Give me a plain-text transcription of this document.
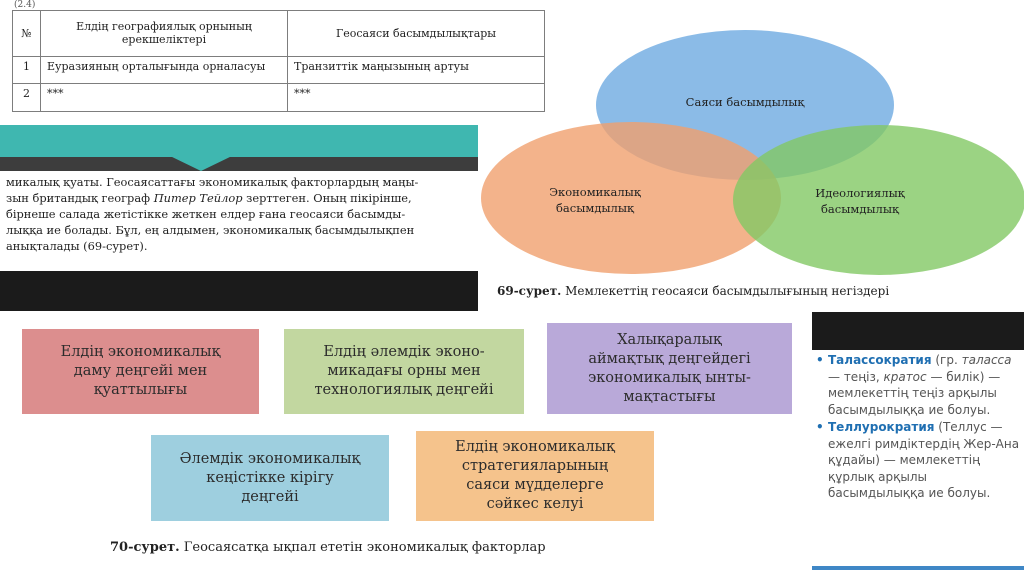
(2.4)
№	Елдің географиялық орнының ерекшеліктері	Геосаяси басымдылықтары
1	Еуразияның орталығында орналасуы	Транзиттік маңызының артуы
2	***	***
микалық қуаты. Геосаясаттағы экономикалық факторлардың маңы-
зын британдық географ Питер Тейлор зерттеген. Оның пікірінше,
бірнеше салада жетістікке жеткен елдер ғана геосаяси басымды-
лыққа ие болады. Бұл, ең алдымен, экономикалық басымдылықпен
анықталады (69-сурет).
Саяси басымдылық
Экономикалық
басымдылық
Идеологиялық
басымдылық
69-сурет. Мемлекеттің геосаяси басымдылығының негіздері
Елдің экономикалық
даму деңгейі мен
қуаттылығы
Елдің әлемдік эконо-
микадағы орны мен
технологиялық деңгейі
Халықаралық
аймақтық деңгейдегі
экономикалық ынты-
мақтастығы
Әлемдік экономикалық
кеңістікке кірігу
деңгейі
Елдің экономикалық
стратегияларының
саяси мүдделерге
сәйкес келуі
70-сурет. Геосаясатқа ықпал ететін экономикалық факторлар
• Талассократия (гр. таласса — теңіз, кратос — билік) — мемлекеттің теңіз арқылы басымдылыққа ие болуы.
• Теллурократия (Теллус — ежелгі римдіктердің Жер-Ана құдайы) — мемлекеттің құрлық арқылы басымдылыққа ие болуы.
